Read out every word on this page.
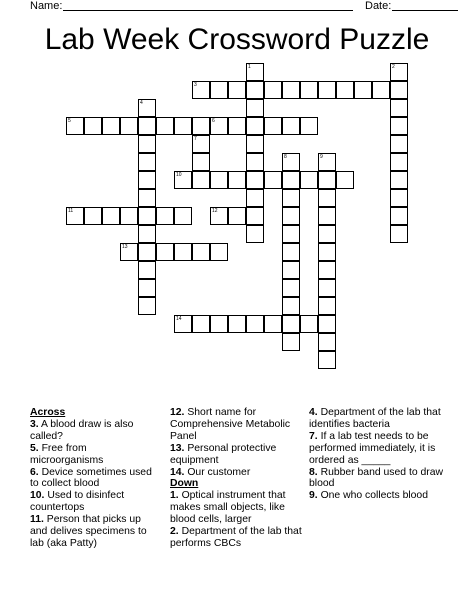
Name:	Date:
Lab Week Crossword Puzzle
3
5	6
10
11	12
13
14
1	2
4
7
8	9

Across

3. A blood draw is also called?

5. Free from microorganisms

6. Device sometimes used to collect blood

10. Used to disinfect countertops

11. Person that picks up and delives specimens to lab (aka Patty)

12. Short name for Comprehensive Metabolic Panel

13. Personal protective equipment

14. Our customer

Down

1. Optical instrument that makes small objects, like blood cells, larger

2. Department of the lab that performs CBCs

4. Department of the lab that identifies bacteria

7. If a lab test needs to be performed immediately, it is ordered as _____

8. Rubber band used to draw blood

9. One who collects blood
